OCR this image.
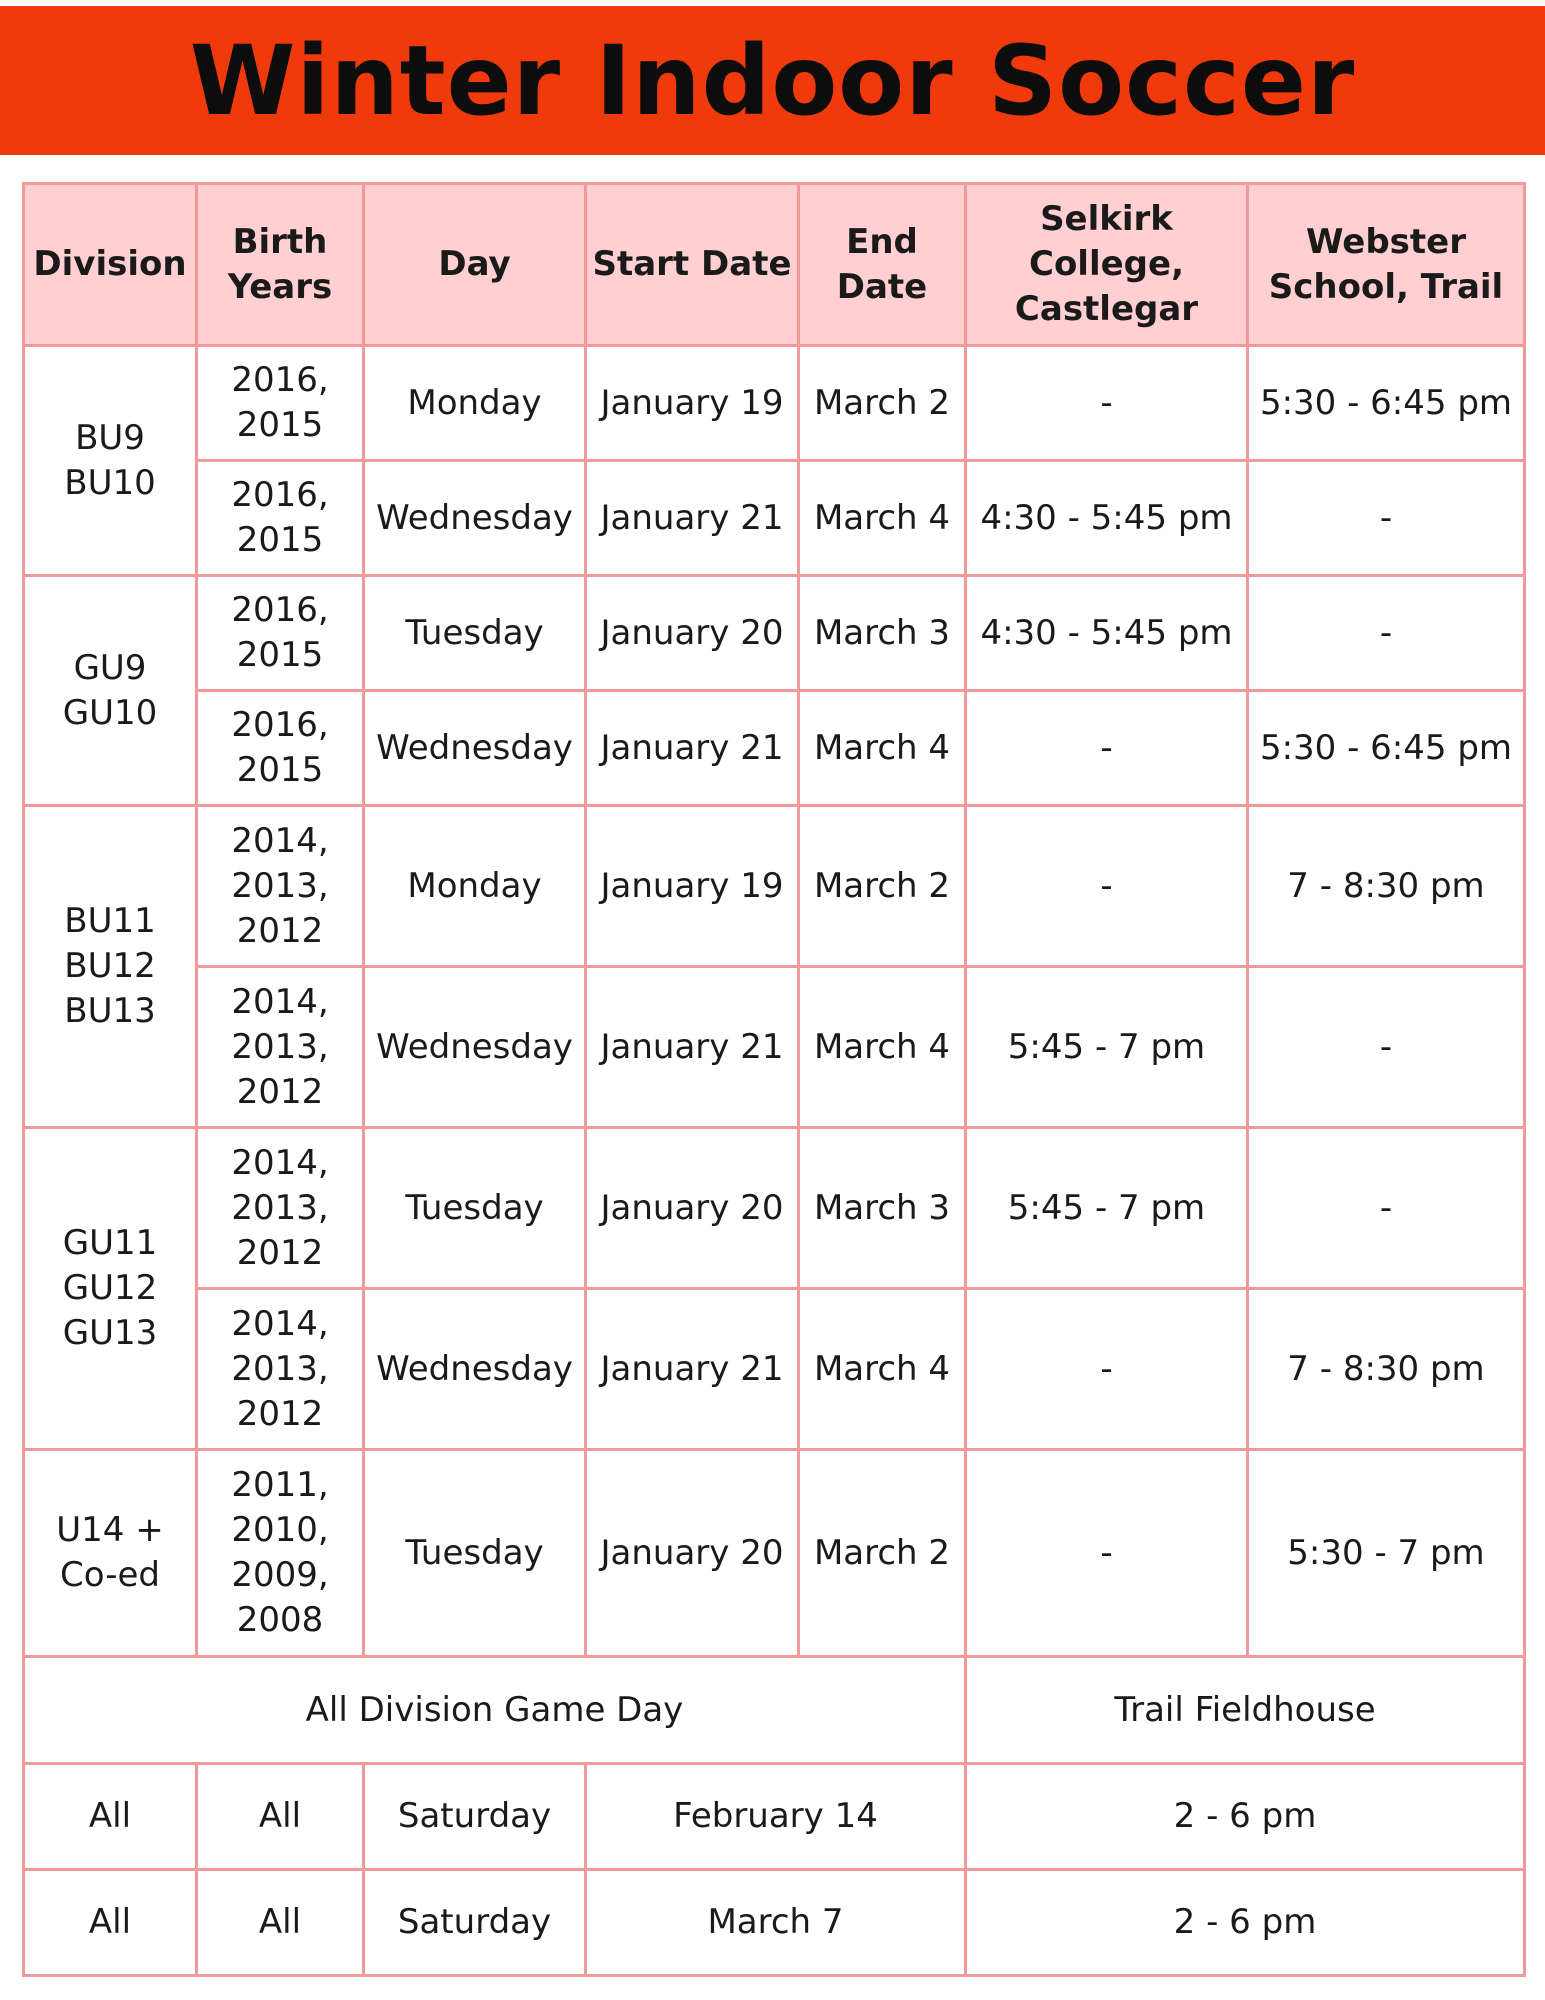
Winter Indoor Soccer
Division	Birth Years	Day	Start Date	End Date	Selkirk College, Castlegar	Webster School, Trail
BU9 BU10	2016, 2015	Monday	January 19	March 2	-	5:30 - 6:45 pm
	2016, 2015	Wednesday	January 21	March 4	4:30 - 5:45 pm	-
GU9 GU10	2016, 2015	Tuesday	January 20	March 3	4:30 - 5:45 pm	-
	2016, 2015	Wednesday	January 21	March 4	-	5:30 - 6:45 pm
BU11 BU12 BU13	2014, 2013, 2012	Monday	January 19	March 2	-	7 - 8:30 pm
	2014, 2013, 2012	Wednesday	January 21	March 4	5:45 - 7 pm	-
GU11 GU12 GU13	2014, 2013, 2012	Tuesday	January 20	March 3	5:45 - 7 pm	-
	2014, 2013, 2012	Wednesday	January 21	March 4	-	7 - 8:30 pm
U14 + Co-ed	2011, 2010, 2009, 2008	Tuesday	January 20	March 2	-	5:30 - 7 pm
All Division Game Day					Trail Fieldhouse	
All	All	Saturday	February 14		2 - 6 pm	
All	All	Saturday	March 7		2 - 6 pm	
